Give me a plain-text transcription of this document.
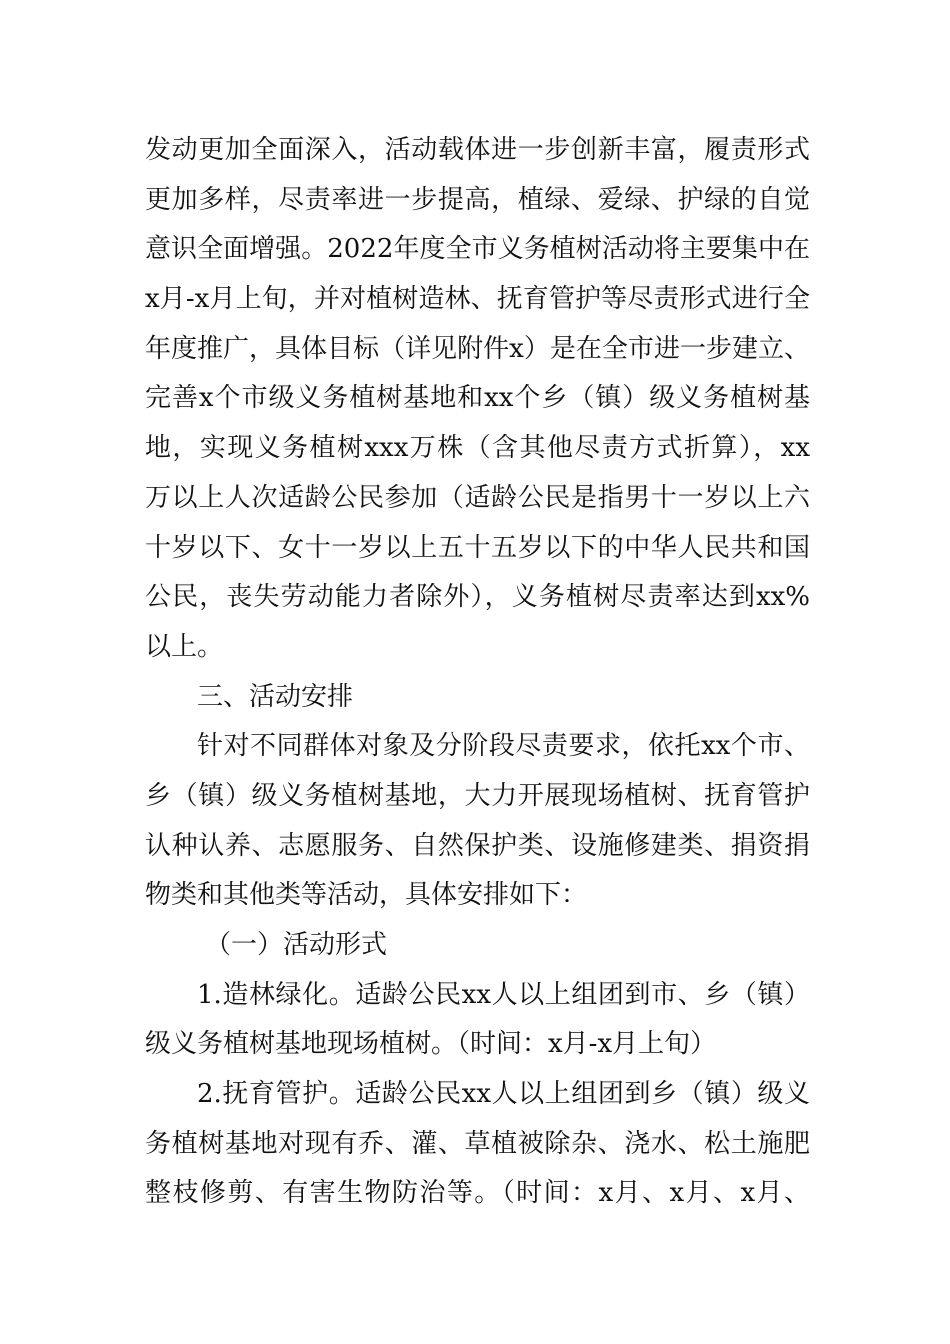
发动更加全面深入，活动载体进一步创新丰富，履责形式
更加多样，尽责率进一步提高，植绿、爱绿、护绿的自觉
意识全面增强。2022年度全市义务植树活动将主要集中在
x月-x月上旬，并对植树造林、抚育管护等尽责形式进行全
年度推广，具体目标（详见附件x）是在全市进一步建立、
完善x个市级义务植树基地和xx个乡（镇）级义务植树基
地，实现义务植树xxx万株（含其他尽责方式折算），xx
万以上人次适龄公民参加（适龄公民是指男十一岁以上六
十岁以下、女十一岁以上五十五岁以下的中华人民共和国
公民，丧失劳动能力者除外），义务植树尽责率达到xx%
以上。
三、活动安排
针对不同群体对象及分阶段尽责要求，依托xx个市、
乡（镇）级义务植树基地，大力开展现场植树、抚育管护
认种认养、志愿服务、自然保护类、设施修建类、捐资捐
物类和其他类等活动，具体安排如下：
（一）活动形式
1.造林绿化。适龄公民xx人以上组团到市、乡（镇）
级义务植树基地现场植树。（时间：x月-x月上旬）
2.抚育管护。适龄公民xx人以上组团到乡（镇）级义
务植树基地对现有乔、灌、草植被除杂、浇水、松土施肥
整枝修剪、有害生物防治等。（时间：x月、x月、x月、
